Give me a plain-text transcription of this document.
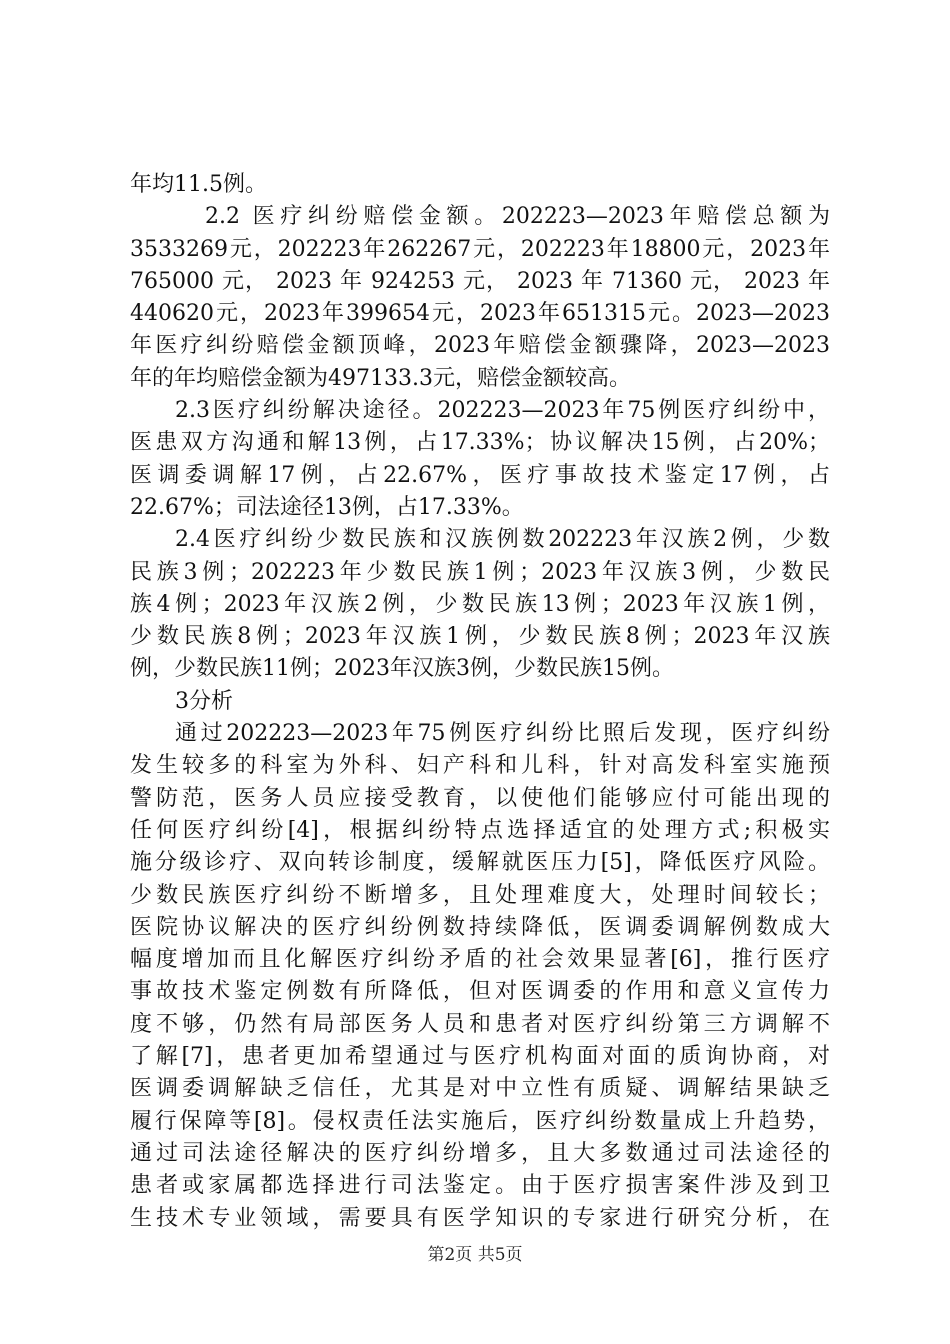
年均11.5例。
2.2 医疗纠纷赔偿金额。202223—2023年赔偿总额为
3533269元，202223年262267元，202223年18800元，2023年
765000 元， 2023 年 924253 元， 2023 年 71360 元， 2023 年
440620元，2023年399654元，2023年651315元。2023—2023
年医疗纠纷赔偿金额顶峰，2023年赔偿金额骤降，2023—2023
年的年均赔偿金额为497133.3元，赔偿金额较高。
2.3医疗纠纷解决途径。202223—2023年75例医疗纠纷中，
医患双方沟通和解13例，占17.33%；协议解决15例，占20%；
医调委调解17例，占22.67%，医疗事故技术鉴定17例，占
22.67%；司法途径13例，占17.33%。
2.4医疗纠纷少数民族和汉族例数202223年汉族2例，少数
民族3例；202223年少数民族1例；2023年汉族3例，少数民
族4例；2023年汉族2例，少数民族13例；2023年汉族1例，
少数民族8例；2023年汉族1例，少数民族8例；2023年汉族
例，少数民族11例；2023年汉族3例，少数民族15例。
3分析
通过202223—2023年75例医疗纠纷比照后发现，医疗纠纷
发生较多的科室为外科、妇产科和儿科，针对高发科室实施预
警防范，医务人员应接受教育，以使他们能够应付可能出现的
任何医疗纠纷[4]，根据纠纷特点选择适宜的处理方式;积极实
施分级诊疗、双向转诊制度，缓解就医压力[5]，降低医疗风险。
少数民族医疗纠纷不断增多，且处理难度大，处理时间较长；
医院协议解决的医疗纠纷例数持续降低，医调委调解例数成大
幅度增加而且化解医疗纠纷矛盾的社会效果显著[6]，推行医疗
事故技术鉴定例数有所降低，但对医调委的作用和意义宣传力
度不够，仍然有局部医务人员和患者对医疗纠纷第三方调解不
了解[7]，患者更加希望通过与医疗机构面对面的质询协商，对
医调委调解缺乏信任，尤其是对中立性有质疑、调解结果缺乏
履行保障等[8]。侵权责任法实施后，医疗纠纷数量成上升趋势，
通过司法途径解决的医疗纠纷增多，且大多数通过司法途径的
患者或家属都选择进行司法鉴定。由于医疗损害案件涉及到卫
生技术专业领域，需要具有医学知识的专家进行研究分析，在
第2页 共5页
